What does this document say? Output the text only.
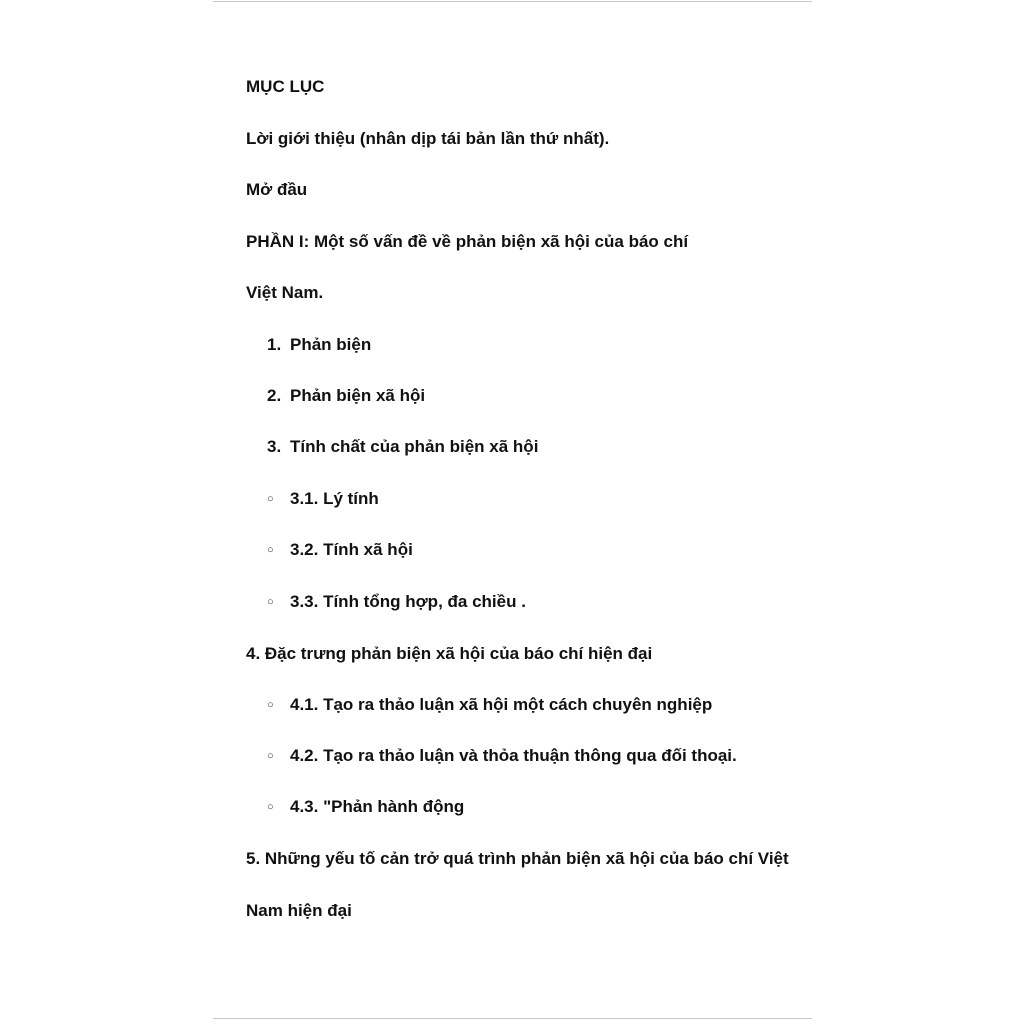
MỤC LỤC
Lời giới thiệu (nhân dịp tái bản lần thứ nhất).
Mở đầu
PHẦN I: Một số vấn đề về phản biện xã hội của báo chí
Việt Nam.
1. Phản biện
2. Phản biện xã hội
3. Tính chất của phản biện xã hội
○ 3.1. Lý tính
○ 3.2. Tính xã hội
○ 3.3. Tính tổng hợp, đa chiều .
4. Đặc trưng phản biện xã hội của báo chí hiện đại
○ 4.1. Tạo ra thảo luận xã hội một cách chuyên nghiệp
○ 4.2. Tạo ra thảo luận và thỏa thuận thông qua đối thoại.
○ 4.3. "Phản hành động
5. Những yếu tố cản trở quá trình phản biện xã hội của báo chí Việt
Nam hiện đại
